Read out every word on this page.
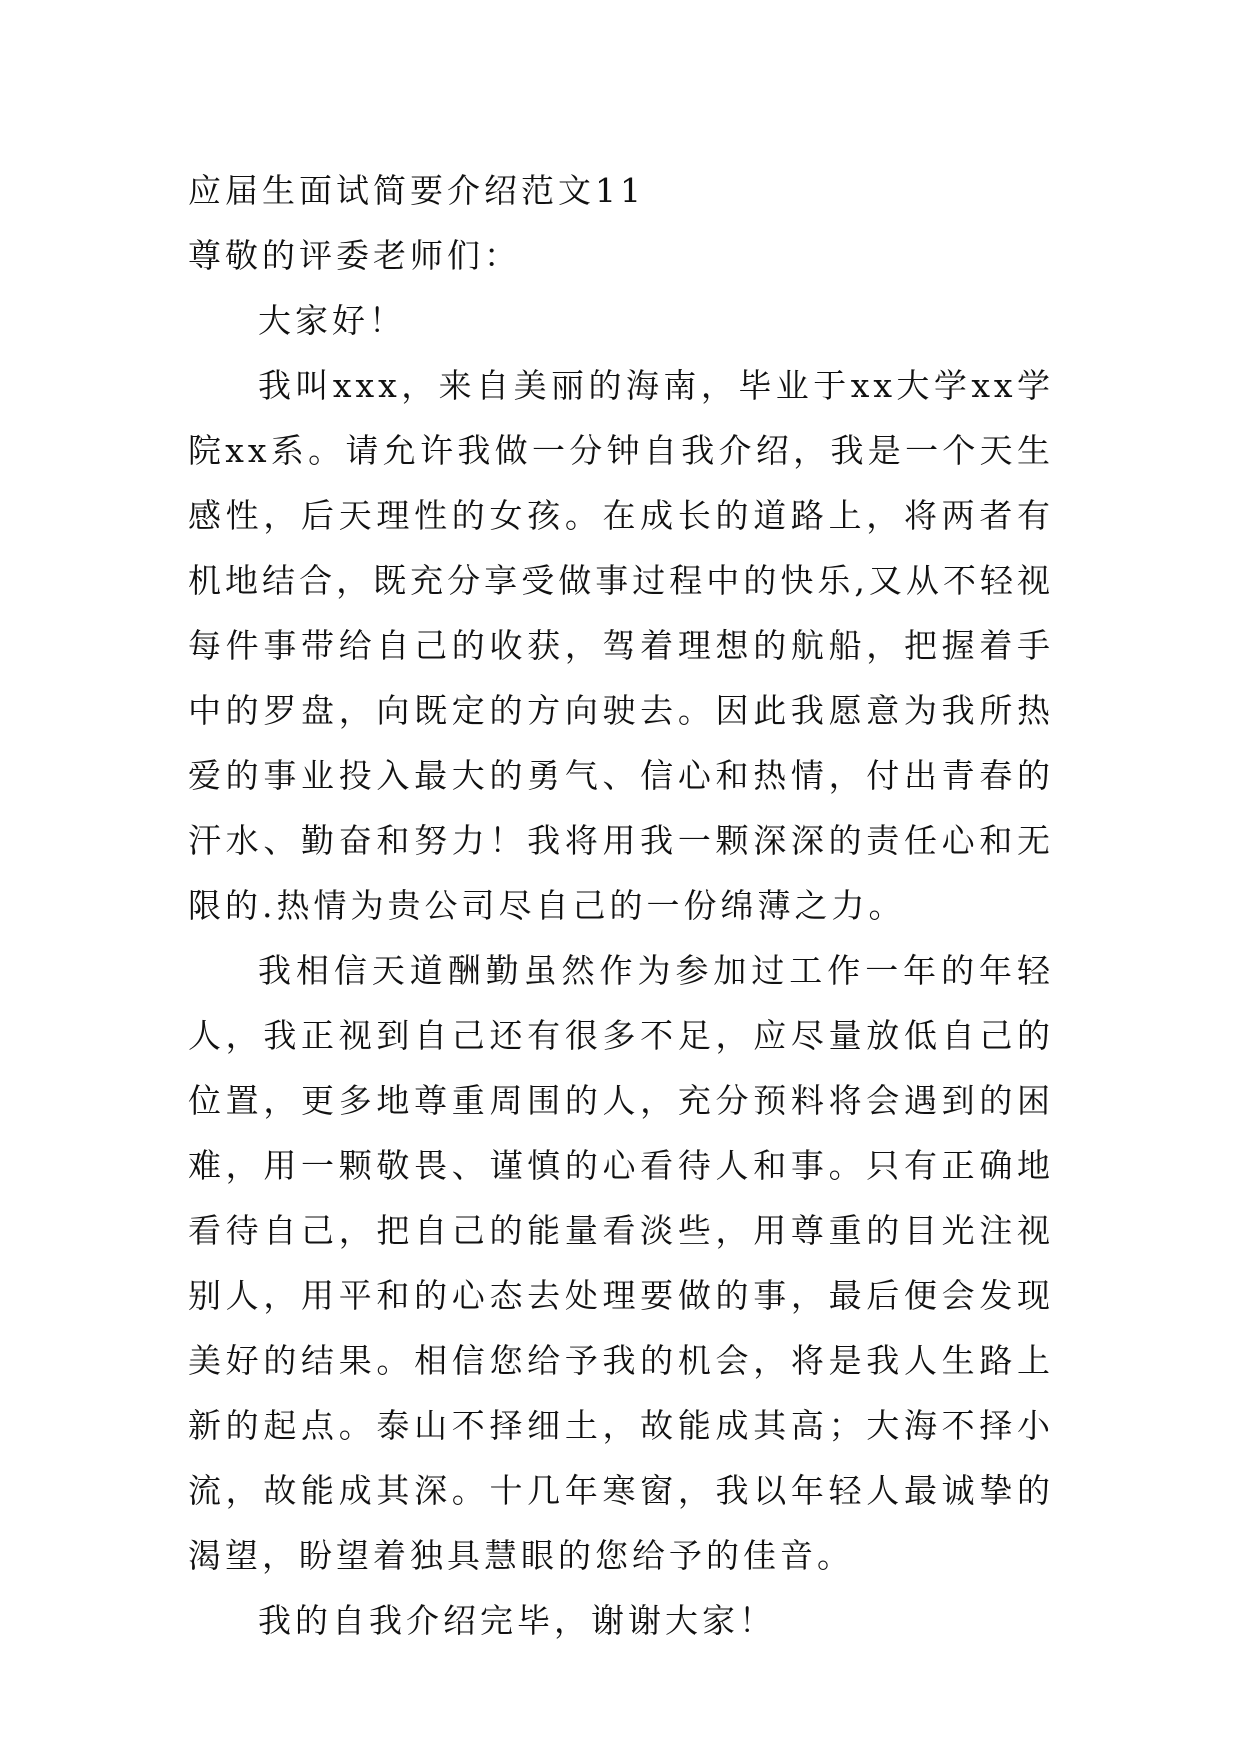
应届生面试简要介绍范文11

尊敬的评委老师们：

大家好！

我叫xxx，来自美丽的海南，毕业于xx大学xx学院xx系。请允许我做一分钟自我介绍，我是一个天生感性，后天理性的女孩。在成长的道路上，将两者有机地结合，既充分享受做事过程中的快乐,又从不轻视每件事带给自己的收获，驾着理想的航船，把握着手中的罗盘，向既定的方向驶去。因此我愿意为我所热爱的事业投入最大的勇气、信心和热情，付出青春的汗水、勤奋和努力！我将用我一颗深深的责任心和无限的.热情为贵公司尽自己的一份绵薄之力。

我相信天道酬勤虽然作为参加过工作一年的年轻人，我正视到自己还有很多不足，应尽量放低自己的位置，更多地尊重周围的人，充分预料将会遇到的困难，用一颗敬畏、谨慎的心看待人和事。只有正确地看待自己，把自己的能量看淡些，用尊重的目光注视别人，用平和的心态去处理要做的事，最后便会发现美好的结果。相信您给予我的机会，将是我人生路上新的起点。泰山不择细土，故能成其高；大海不择小流，故能成其深。十几年寒窗，我以年轻人最诚挚的渴望，盼望着独具慧眼的您给予的佳音。

我的自我介绍完毕，谢谢大家！
